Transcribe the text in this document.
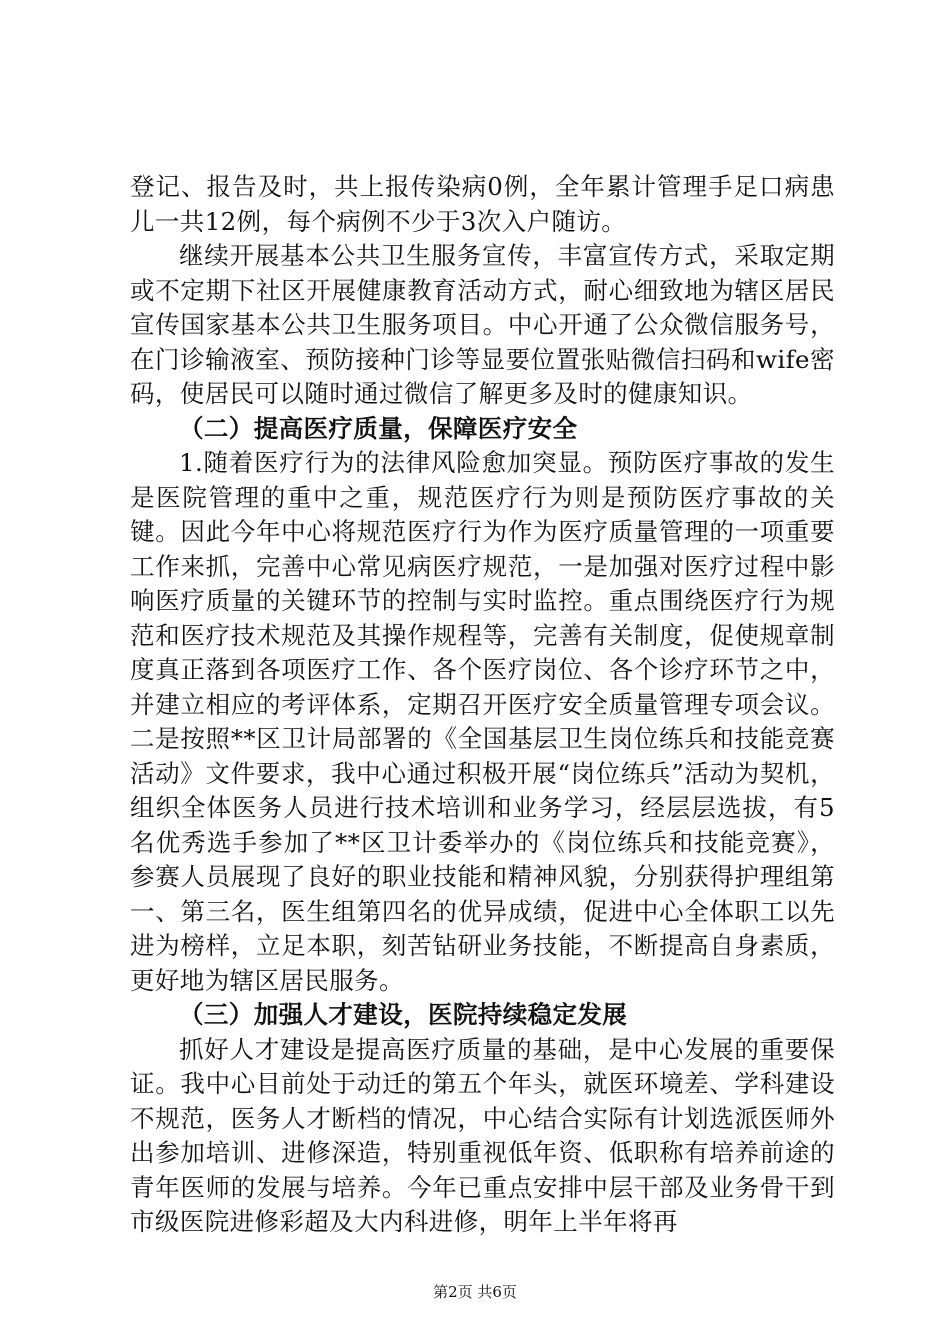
登记、报告及时，共上报传染病0例，全年累计管理手足口病患儿一共12例，每个病例不少于3次入户随访。

继续开展基本公共卫生服务宣传，丰富宣传方式，采取定期或不定期下社区开展健康教育活动方式，耐心细致地为辖区居民宣传国家基本公共卫生服务项目。中心开通了公众微信服务号，在门诊输液室、预防接种门诊等显要位置张贴微信扫码和wife密码，使居民可以随时通过微信了解更多及时的健康知识。

（二）提高医疗质量，保障医疗安全

1.随着医疗行为的法律风险愈加突显。预防医疗事故的发生是医院管理的重中之重，规范医疗行为则是预防医疗事故的关键。因此今年中心将规范医疗行为作为医疗质量管理的一项重要工作来抓，完善中心常见病医疗规范，一是加强对医疗过程中影响医疗质量的关键环节的控制与实时监控。重点围绕医疗行为规范和医疗技术规范及其操作规程等，完善有关制度，促使规章制度真正落到各项医疗工作、各个医疗岗位、各个诊疗环节之中，并建立相应的考评体系，定期召开医疗安全质量管理专项会议。二是按照**区卫计局部署的《全国基层卫生岗位练兵和技能竞赛活动》文件要求，我中心通过积极开展“岗位练兵”活动为契机，组织全体医务人员进行技术培训和业务学习，经层层选拔，有5名优秀选手参加了**区卫计委举办的《岗位练兵和技能竞赛》，参赛人员展现了良好的职业技能和精神风貌，分别获得护理组第一、第三名，医生组第四名的优异成绩，促进中心全体职工以先进为榜样，立足本职，刻苦钻研业务技能，不断提高自身素质，更好地为辖区居民服务。

（三）加强人才建设，医院持续稳定发展

抓好人才建设是提高医疗质量的基础，是中心发展的重要保证。我中心目前处于动迁的第五个年头，就医环境差、学科建设不规范，医务人才断档的情况，中心结合实际有计划选派医师外出参加培训、进修深造，特别重视低年资、低职称有培养前途的青年医师的发展与培养。今年已重点安排中层干部及业务骨干到市级医院进修彩超及大内科进修，明年上半年将再

第2页 共6页
